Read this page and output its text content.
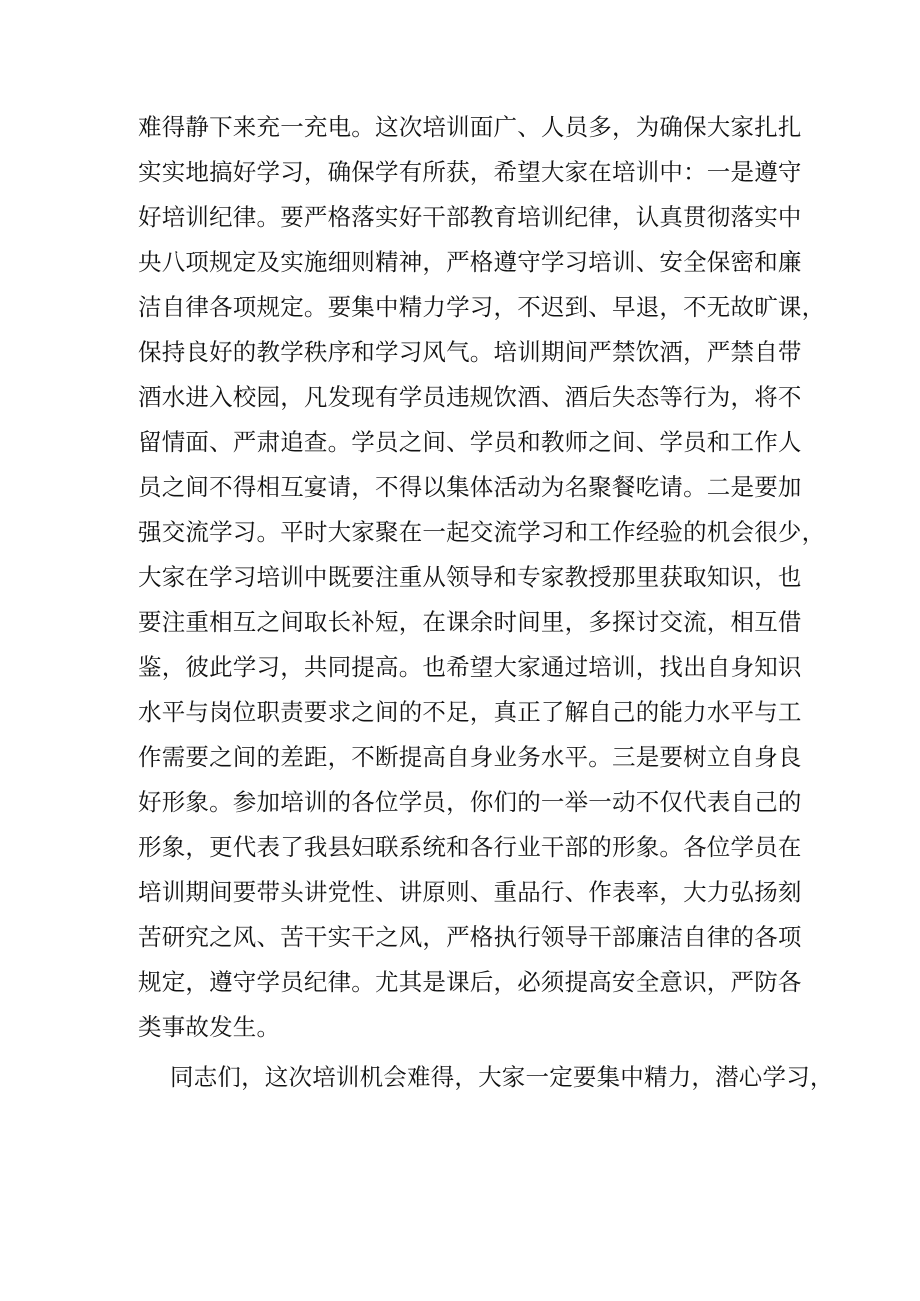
难得静下来充一充电。这次培训面广、人员多，为确保大家扎扎
实实地搞好学习，确保学有所获，希望大家在培训中：一是遵守
好培训纪律。要严格落实好干部教育培训纪律，认真贯彻落实中
央八项规定及实施细则精神，严格遵守学习培训、安全保密和廉
洁自律各项规定。要集中精力学习，不迟到、早退，不无故旷课，
保持良好的教学秩序和学习风气。培训期间严禁饮酒，严禁自带
酒水进入校园，凡发现有学员违规饮酒、酒后失态等行为，将不
留情面、严肃追查。学员之间、学员和教师之间、学员和工作人
员之间不得相互宴请，不得以集体活动为名聚餐吃请。二是要加
强交流学习。平时大家聚在一起交流学习和工作经验的机会很少，
大家在学习培训中既要注重从领导和专家教授那里获取知识，也
要注重相互之间取长补短，在课余时间里，多探讨交流，相互借
鉴，彼此学习，共同提高。也希望大家通过培训，找出自身知识
水平与岗位职责要求之间的不足，真正了解自己的能力水平与工
作需要之间的差距，不断提高自身业务水平。三是要树立自身良
好形象。参加培训的各位学员，你们的一举一动不仅代表自己的
形象，更代表了我县妇联系统和各行业干部的形象。各位学员在
培训期间要带头讲党性、讲原则、重品行、作表率，大力弘扬刻
苦研究之风、苦干实干之风，严格执行领导干部廉洁自律的各项
规定，遵守学员纪律。尤其是课后，必须提高安全意识，严防各
类事故发生。
同志们，这次培训机会难得，大家一定要集中精力，潜心学习，
